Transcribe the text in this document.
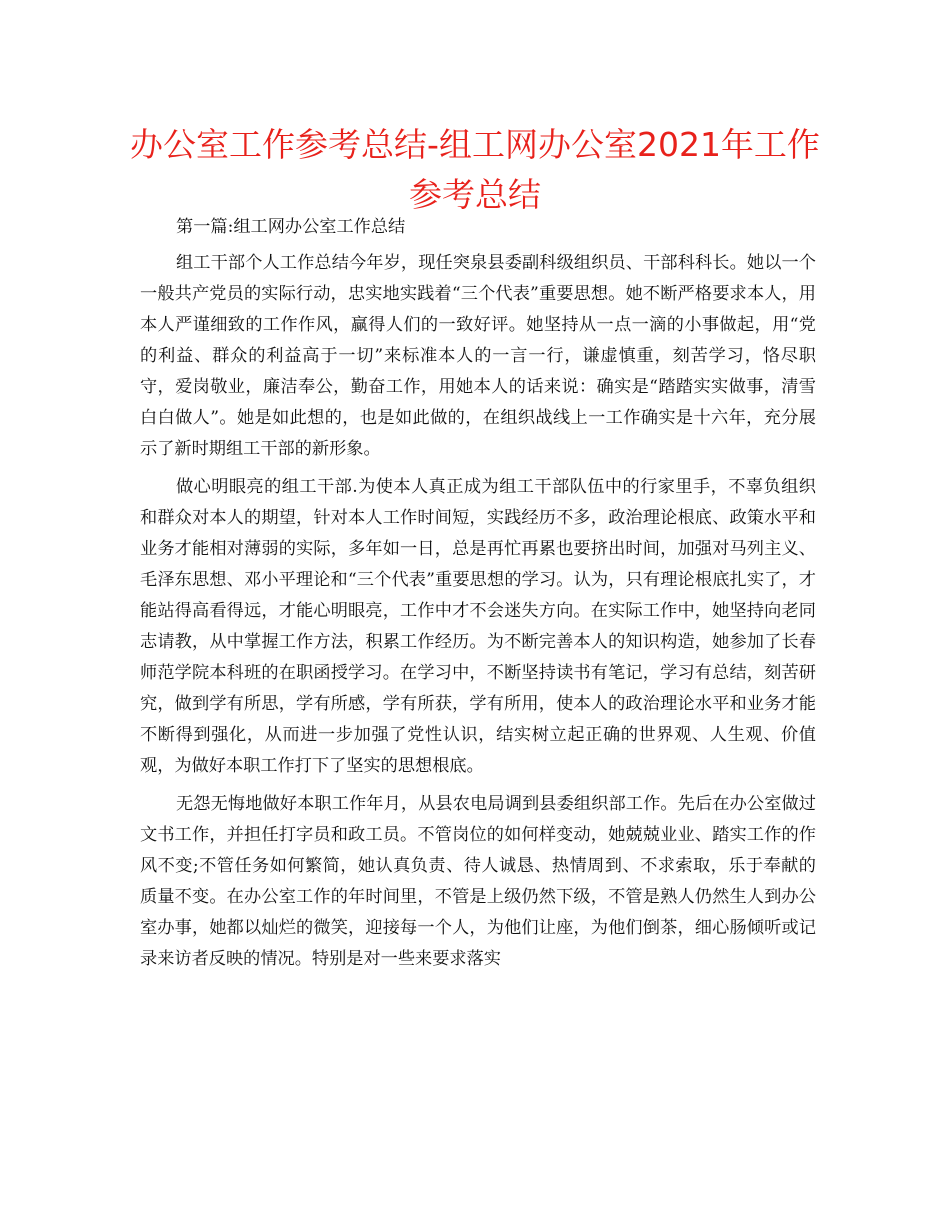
办公室工作参考总结-组工网办公室2021年工作参考总结

第一篇:组工网办公室工作总结

组工干部个人工作总结今年岁，现任突泉县委副科级组织员、干部科科长。她以一个一般共产党员的实际行动，忠实地实践着“三个代表”重要思想。她不断严格要求本人，用本人严谨细致的工作作风，赢得人们的一致好评。她坚持从一点一滴的小事做起，用“党的利益、群众的利益高于一切”来标准本人的一言一行，谦虚慎重，刻苦学习，恪尽职守，爱岗敬业，廉洁奉公，勤奋工作，用她本人的话来说：确实是“踏踏实实做事，清雪白白做人”。她是如此想的，也是如此做的，在组织战线上一工作确实是十六年，充分展示了新时期组工干部的新形象。

做心明眼亮的组工干部.为使本人真正成为组工干部队伍中的行家里手，不辜负组织和群众对本人的期望，针对本人工作时间短，实践经历不多，政治理论根底、政策水平和业务才能相对薄弱的实际，多年如一日，总是再忙再累也要挤出时间，加强对马列主义、毛泽东思想、邓小平理论和“三个代表”重要思想的学习。认为，只有理论根底扎实了，才能站得高看得远，才能心明眼亮，工作中才不会迷失方向。在实际工作中，她坚持向老同志请教，从中掌握工作方法，积累工作经历。为不断完善本人的知识构造，她参加了长春师范学院本科班的在职函授学习。在学习中，不断坚持读书有笔记，学习有总结，刻苦研究，做到学有所思，学有所感，学有所获，学有所用，使本人的政治理论水平和业务才能不断得到强化，从而进一步加强了党性认识，结实树立起正确的世界观、人生观、价值观，为做好本职工作打下了坚实的思想根底。

无怨无悔地做好本职工作年月，从县农电局调到县委组织部工作。先后在办公室做过文书工作，并担任打字员和政工员。不管岗位的如何样变动，她兢兢业业、踏实工作的作风不变;不管任务如何繁简，她认真负责、待人诚恳、热情周到、不求索取，乐于奉献的质量不变。在办公室工作的年时间里，不管是上级仍然下级，不管是熟人仍然生人到办公室办事，她都以灿烂的微笑，迎接每一个人，为他们让座，为他们倒茶，细心肠倾听或记录来访者反映的情况。特别是对一些来要求落实
